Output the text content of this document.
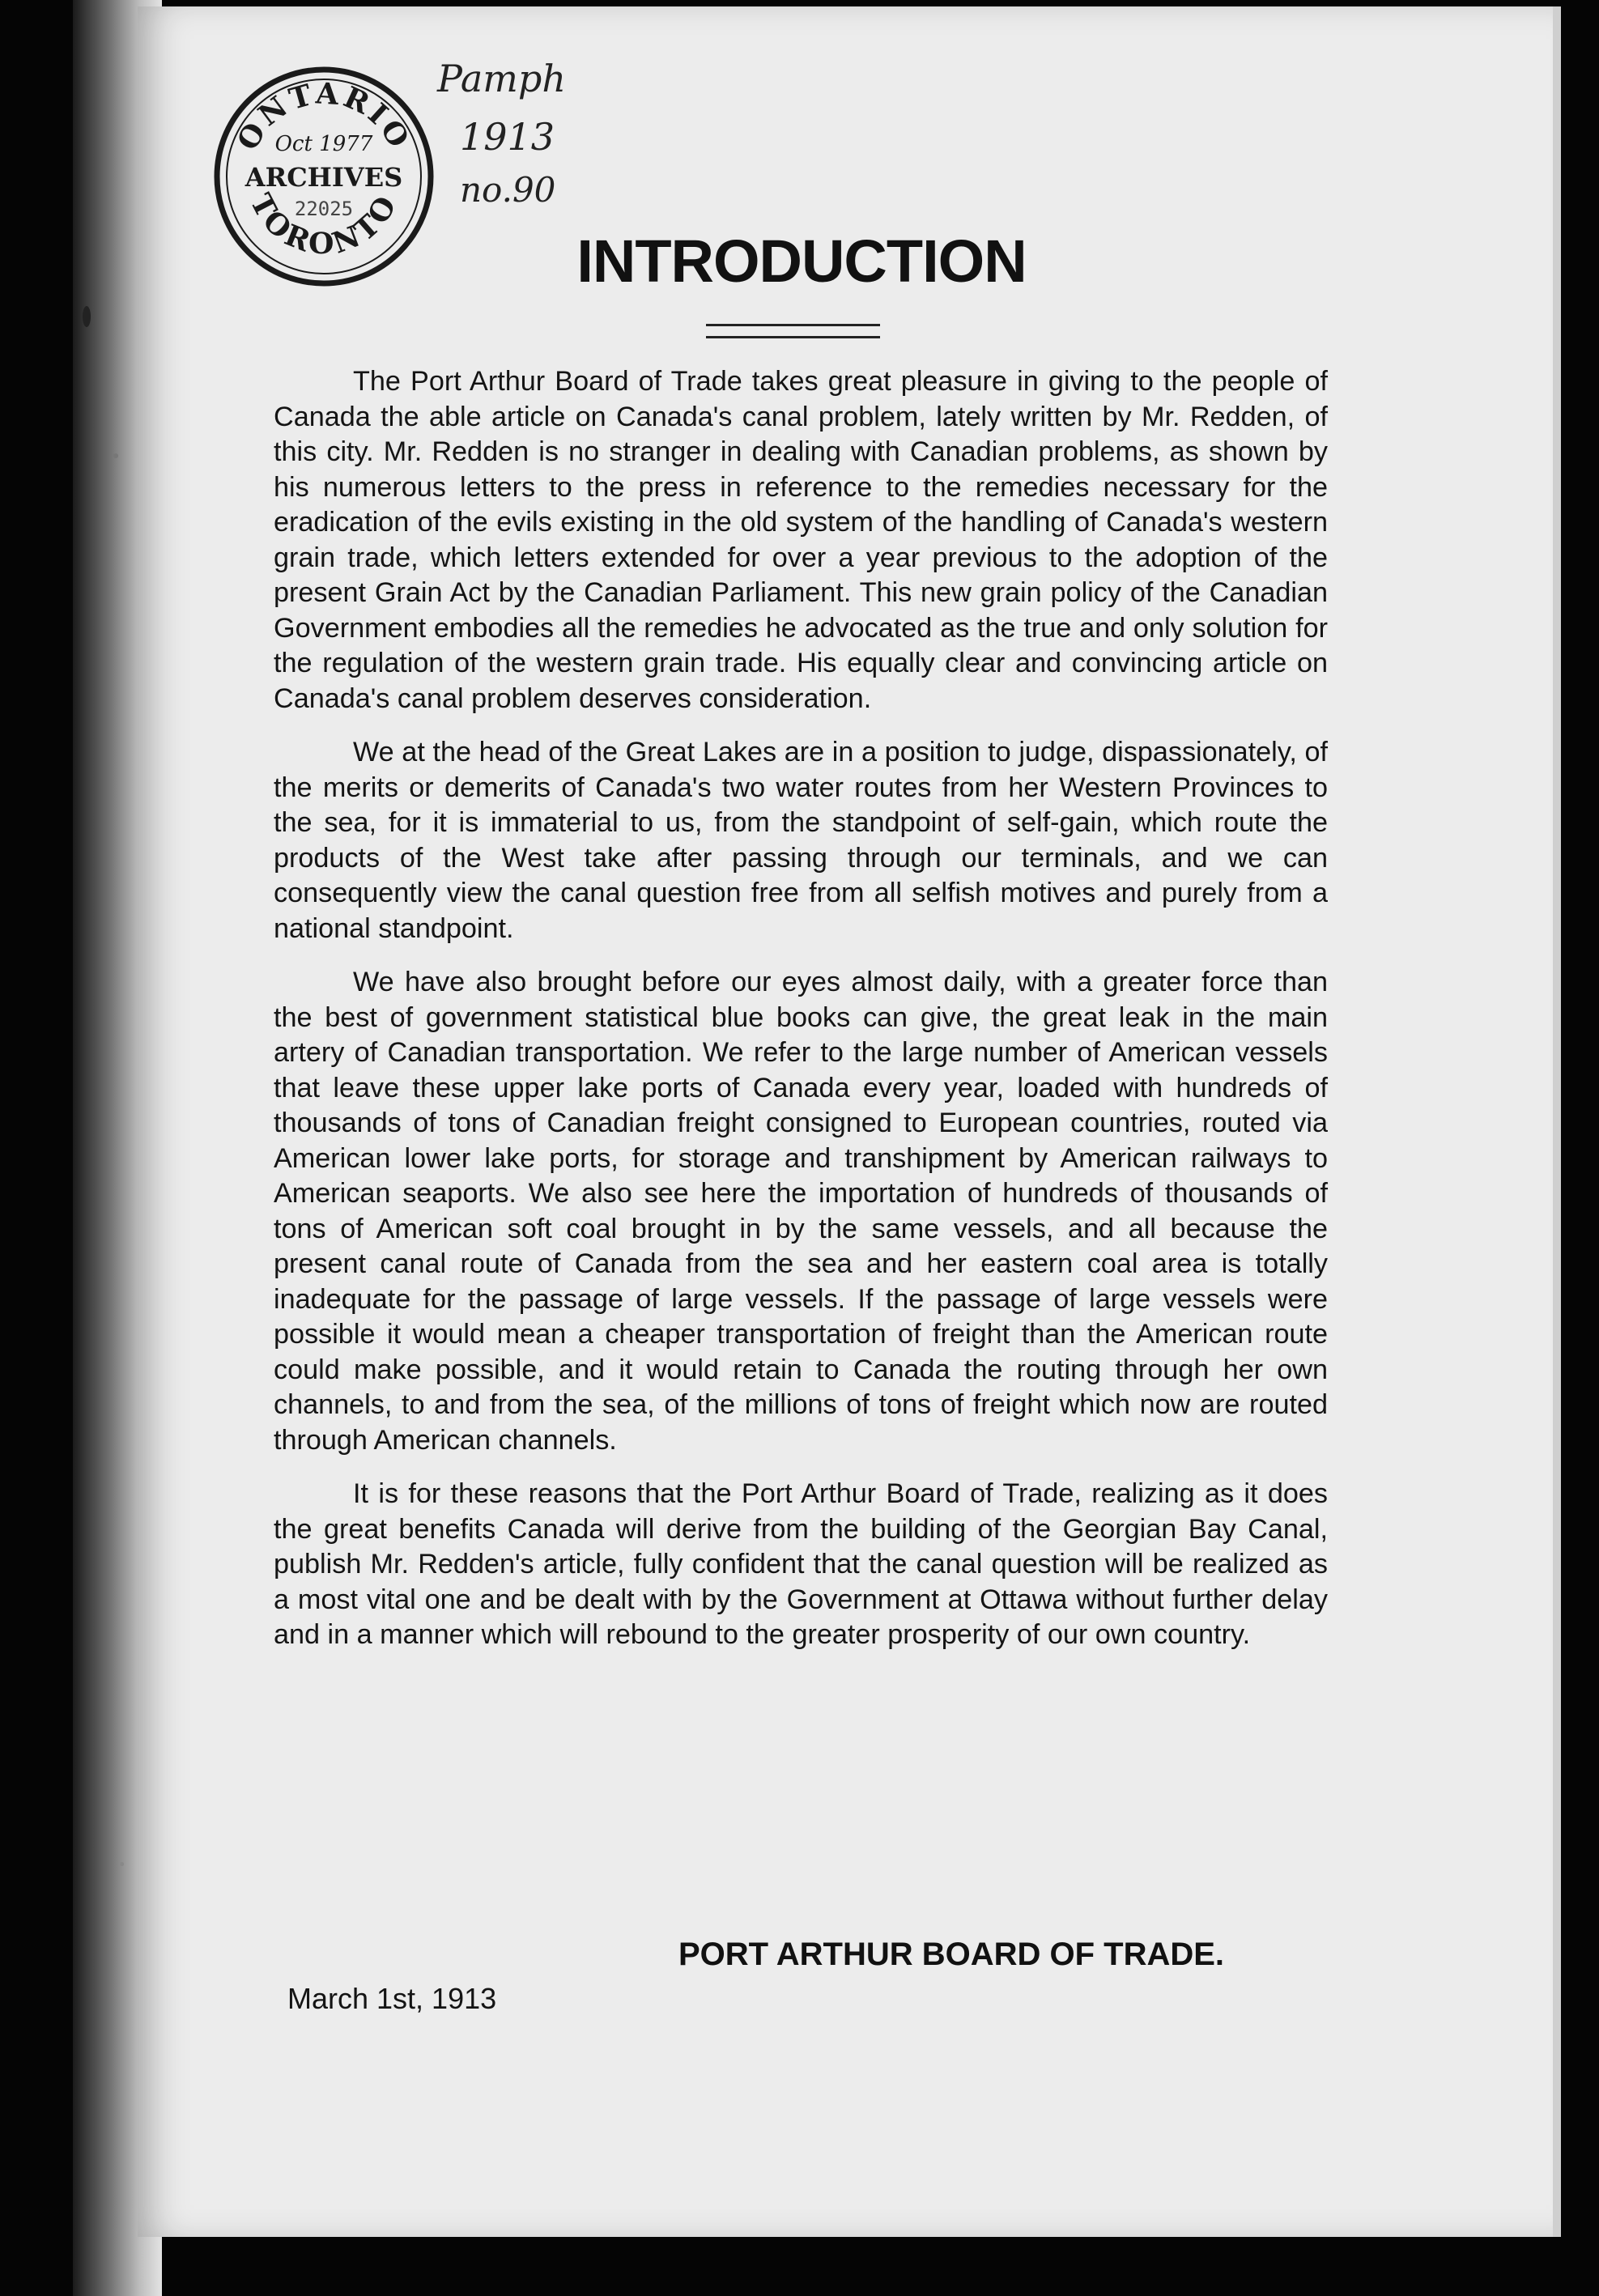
ONTARIO
Oct 1977
ARCHIVES
22025
TORONTO
Pamph
1913
no.90
INTRODUCTION

The Port Arthur Board of Trade takes great pleasure in giving to the people of Canada the able article on Canada's canal problem, lately written by Mr. Redden, of this city. Mr. Redden is no stranger in dealing with Canadian problems, as shown by his numerous letters to the press in reference to the remedies necessary for the eradication of the evils existing in the old system of the handling of Canada's western grain trade, which letters extended for over a year previous to the adoption of the present Grain Act by the Canadian Parliament. This new grain policy of the Canadian Government embodies all the remedies he advocated as the true and only solution for the regulation of the western grain trade. His equally clear and convincing article on Canada's canal problem deserves consideration.

We at the head of the Great Lakes are in a position to judge, dispassionately, of the merits or demerits of Canada's two water routes from her Western Provinces to the sea, for it is immaterial to us, from the standpoint of self-gain, which route the products of the West take after passing through our terminals, and we can consequently view the canal question free from all selfish motives and purely from a national standpoint.

We have also brought before our eyes almost daily, with a greater force than the best of government statistical blue books can give, the great leak in the main artery of Canadian transportation. We refer to the large number of American vessels that leave these upper lake ports of Canada every year, loaded with hundreds of thousands of tons of Canadian freight consigned to European countries, routed via American lower lake ports, for storage and transhipment by American railways to American seaports. We also see here the importation of hundreds of thousands of tons of American soft coal brought in by the same vessels, and all because the present canal route of Canada from the sea and her eastern coal area is totally inadequate for the passage of large vessels. If the passage of large vessels were possible it would mean a cheaper transportation of freight than the American route could make possible, and it would retain to Canada the routing through her own channels, to and from the sea, of the millions of tons of freight which now are routed through American channels.

It is for these reasons that the Port Arthur Board of Trade, realizing as it does the great benefits Canada will derive from the building of the Georgian Bay Canal, publish Mr. Redden's article, fully confident that the canal question will be realized as a most vital one and be dealt with by the Government at Ottawa without further delay and in a manner which will rebound to the greater prosperity of our own country.

PORT ARTHUR BOARD OF TRADE.

March 1st, 1913
